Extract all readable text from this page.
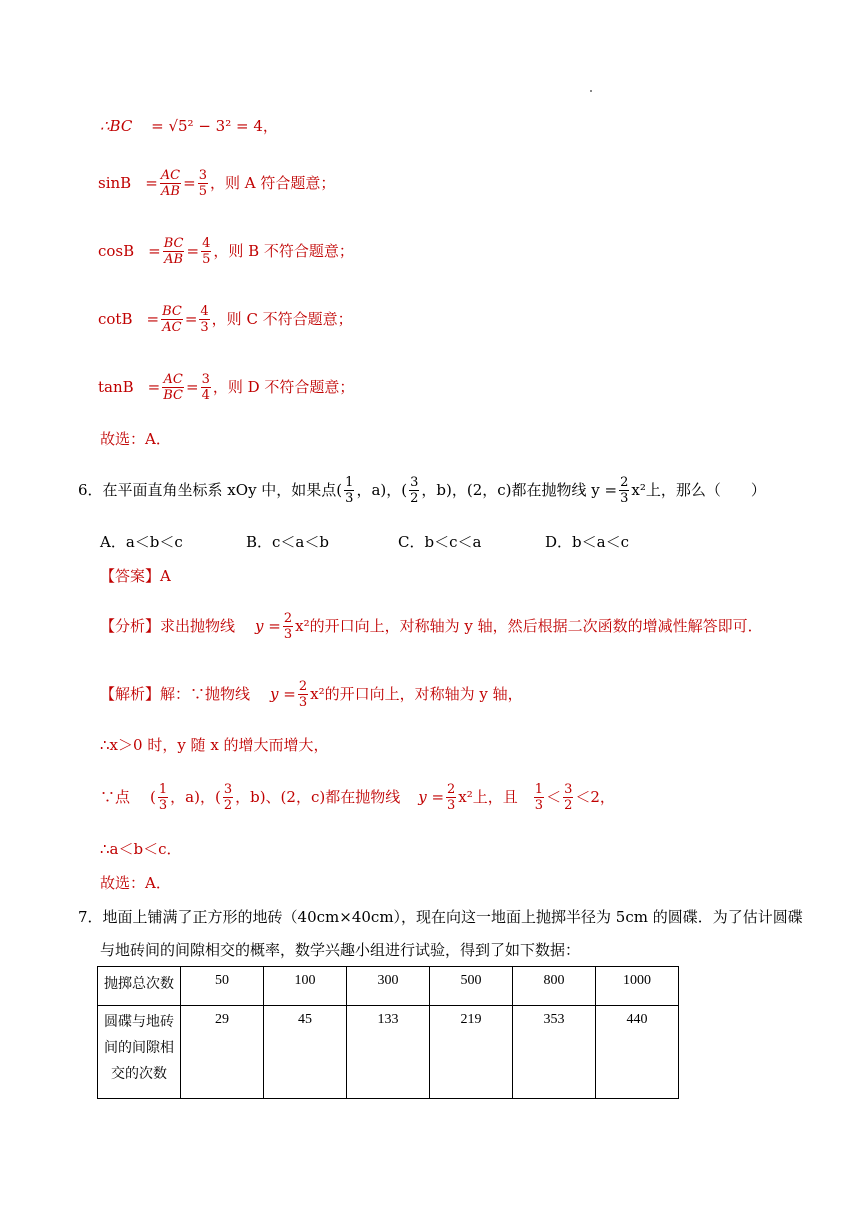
∴BC = √5² − 3² = 4，
$\sin B = \frac{AC}{AB} = \frac{3}{5}$ ，则 A 符合题意；
$\cos B = \frac{BC}{AB} = \frac{4}{5}$ ，则 B 不符合题意；
$\cot B = \frac{BC}{AC} = \frac{4}{3}$ ，则 C 不符合题意；
$\tan B = \frac{AC}{BC} = \frac{3}{4}$ ，则 D 不符合题意；
故选：A．
6．在平面直角坐标系 xOy 中，如果点( $\frac{1}{3}$ ，a)，( $\frac{3}{2}$ ，b)，(2，c)都在抛物线 $y = \frac{2}{3} x^2$上，那么（　　）
A．a＜b＜c	B．c＜a＜b	C．b＜c＜a	D．b＜a＜c
【答案】A
【分析】求出抛物线 $y = \frac{2}{3} x^2$的开口向上，对称轴为 y 轴，然后根据二次函数的增减性解答即可．
【解析】解：∵抛物线 $y = \frac{2}{3} x^2$的开口向上，对称轴为 y 轴，
∴x＞0 时，y 随 x 的增大而增大，
∵点 ( $\frac{1}{3}$ ，a)，( $\frac{3}{2}$ ，b)、(2，c)都在抛物线 $y = \frac{2}{3} x^2$上，且 $\frac{1}{3} < \frac{3}{2} <2$，
∴a＜b＜c．
故选：A．
7．地面上铺满了正方形的地砖（40cm×40cm），现在向这一地面上抛掷半径为 5cm 的圆碟．为了估计圆碟
与地砖间的间隙相交的概率，数学兴趣小组进行试验，得到了如下数据：
抛掷总次数	50	100	300	500	800	1000

圆碟与地砖
间的间隙相
交的次数	29	45	133	219	353	440
